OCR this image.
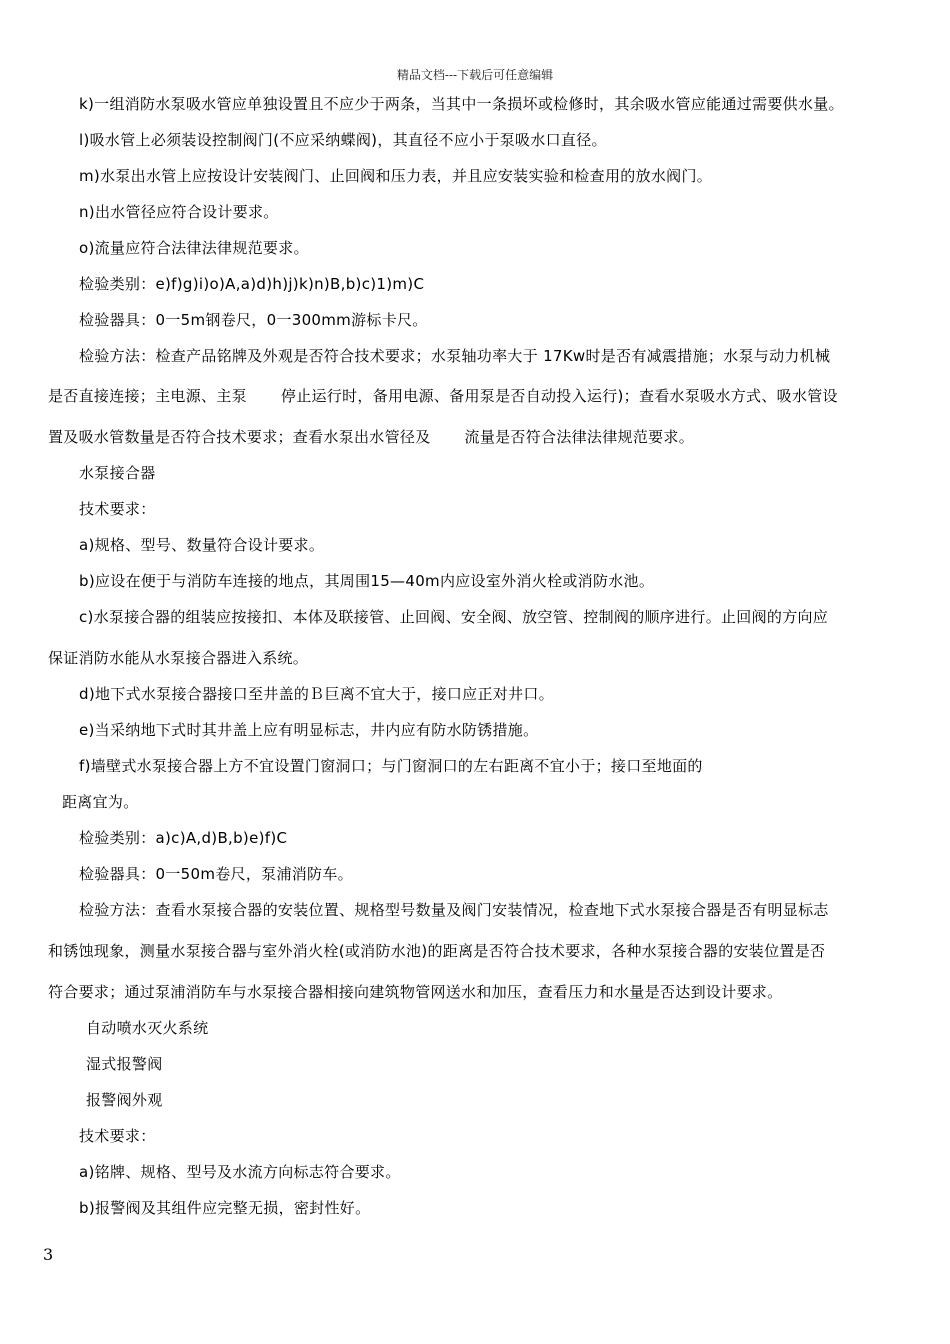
精品文档---下载后可任意编辑
k)一组消防水泵吸水管应单独设置且不应少于两条，当其中一条损坏或检修时，其余吸水管应能通过需要供水量。
l)吸水管上必须装设控制阀门(不应采纳蝶阀)，其直径不应小于泵吸水口直径。
m)水泵出水管上应按设计安装阀门、止回阀和压力表，并且应安装实验和检查用的放水阀门。
n)出水管径应符合设计要求。
o)流量应符合法律法律规范要求。
检验类别：e)f)g)i)o)A,a)d)h)j)k)n)B,b)c)1)m)C
检验器具：0一5m钢卷尺，0一300mm游标卡尺。
检验方法：检查产品铭牌及外观是否符合技术要求；水泵轴功率大于 17Kw时是否有减震措施；水泵与动力机械
是否直接连接；主电源、主泵 停止运行时，备用电源、备用泵是否自动投入运行)；查看水泵吸水方式、吸水管设
置及吸水管数量是否符合技术要求；查看水泵出水管径及 流量是否符合法律法律规范要求。
水泵接合器
技术要求：
a)规格、型号、数量符合设计要求。
b)应设在便于与消防车连接的地点，其周围15—40m内应设室外消火栓或消防水池。
c)水泵接合器的组装应按接扣、本体及联接管、止回阀、安全阀、放空管、控制阀的顺序进行。止回阀的方向应
保证消防水能从水泵接合器进入系统。
d)地下式水泵接合器接口至井盖的Ｂ巨离不宜大于，接口应正对井口。
e)当采纳地下式时其井盖上应有明显标志，井内应有防水防锈措施。
f)墙壁式水泵接合器上方不宜设置门窗洞口；与门窗洞口的左右距离不宜小于；接口至地面的
距离宜为。
检验类别：a)c)A,d)B,b)e)f)C
检验器具：0一50m卷尺，泵浦消防车。
检验方法：查看水泵接合器的安装位置、规格型号数量及阀门安装情况，检查地下式水泵接合器是否有明显标志
和锈蚀现象，测量水泵接合器与室外消火栓(或消防水池)的距离是否符合技术要求，各种水泵接合器的安装位置是否
符合要求；通过泵浦消防车与水泵接合器相接向建筑物管网送水和加压，查看压力和水量是否达到设计要求。
自动喷水灭火系统
湿式报警阀
报警阀外观
技术要求：
a)铭牌、规格、型号及水流方向标志符合要求。
b)报警阀及其组件应完整无损，密封性好。
3
